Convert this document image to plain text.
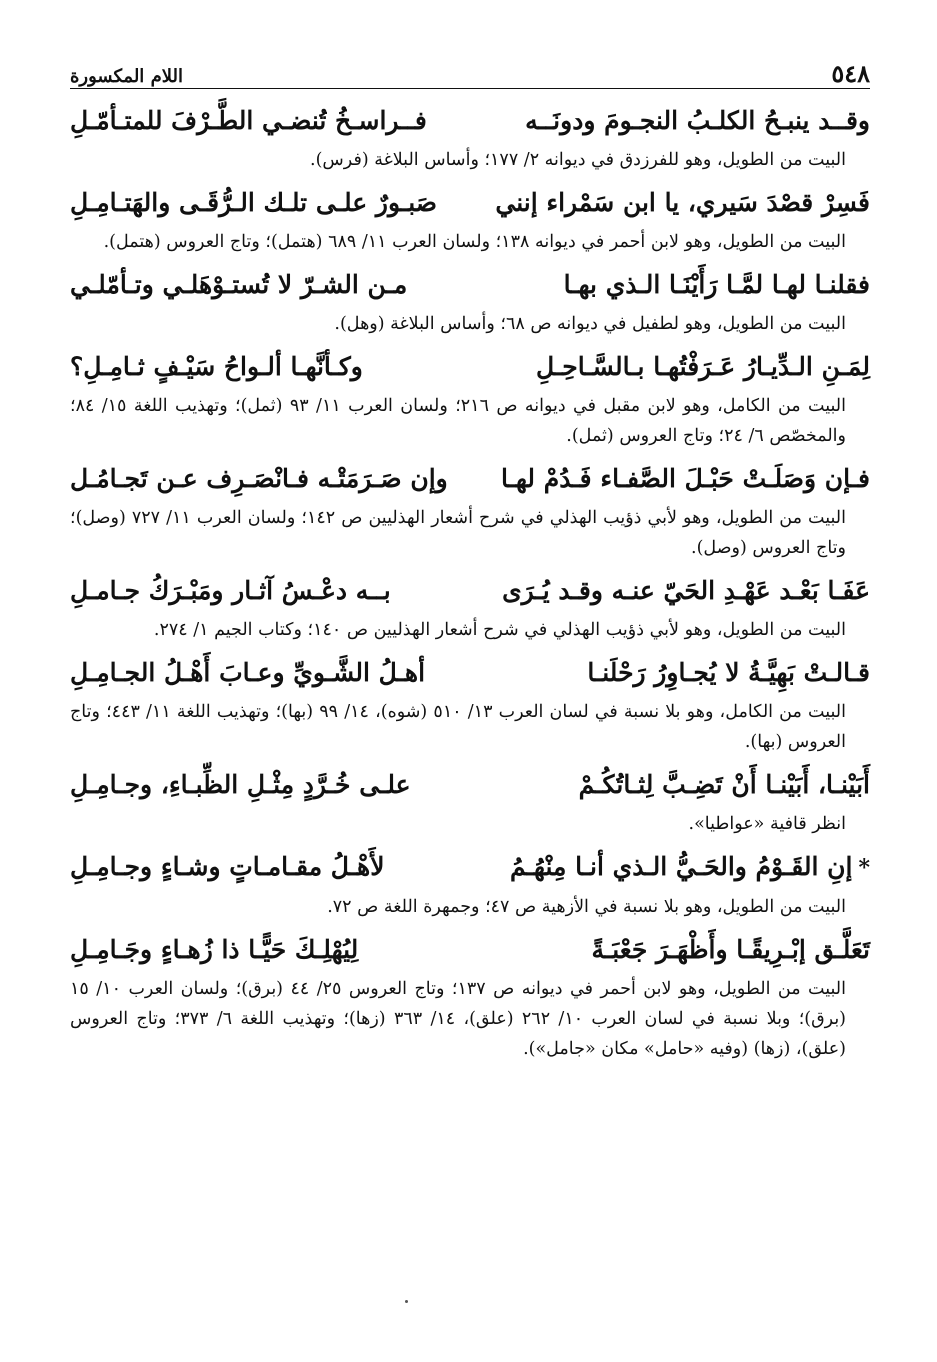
٥٤٨
اللام المكسورة
وقــد ينبـحُ الكلـبُ النجـومَ ودونَــه
فــراسـخُ تُنضـي الطَّـرْفَ للمتـأمّـلِ
البيت من الطويل، وهو للفرزدق في ديوانه ٢/ ١٧٧؛ وأساس البلاغة (فرس).
فَسِرْ قصْدَ سَيري، يا ابن سَمْراء إنني
صَبـورٌ علـى تلـك الـرُّقَـى والهَتـامِـلِ
البيت من الطويل، وهو لابن أحمر في ديوانه ١٣٨؛ ولسان العرب ١١/ ٦٨٩ (هتمل)؛ وتاج العروس (هتمل).
فقلنـا لهـا لمَّـا رَأَيْنَـا الـذي بهـا
مـن الشـرّ لا تُستـوْهَلـي وتـأمّلـي
البيت من الطويل، وهو لطفيل في ديوانه ص ٦٨؛ وأساس البلاغة (وهل).
لِمَـنِ الـدِّيـارُ عَـرَفْتُهـا بـالسَّـاحِـلِ
وكـأنَّهـا ألـواحُ سَيْـفٍ ثـامِـلِ؟
البيت من الكامل، وهو لابن مقبل في ديوانه ص ٢١٦؛ ولسان العرب ١١/ ٩٣ (ثمل)؛ وتهذيب اللغة ١٥/ ٨٤؛ والمخصّص ٦/ ٢٤؛ وتاج العروس (ثمل).
فـإن وَصَلَـتْ حَبْـلَ الصَّفـاء فَـدُمْ لهـا
وإن صَـرَمَتْـه فـانْصَـرِف عـن تَجـامُـل
البيت من الطويل، وهو لأبي ذؤيب الهذلي في شرح أشعار الهذليين ص ١٤٢؛ ولسان العرب ١١/ ٧٢٧ (وصل)؛ وتاج العروس (وصل).
عَفَـا بَعْـد عَهْـدِ الحَيّ عنـه وقـد يُـرَى
بــه دعْـسُ آثـار ومَبْـرَكُ جـامـلِ
البيت من الطويل، وهو لأبي ذؤيب الهذلي في شرح أشعار الهذليين ص ١٤٠؛ وكتاب الجيم ١/ ٢٧٤.
قـالـتْ بَهِيَّـةُ لا يُجـاوِرُ رَحْلَنـا
أهـلُ الشَّـويِّ وعـابَ أَهْـلُ الجـامِـلِ
البيت من الكامل، وهو بلا نسبة في لسان العرب ١٣/ ٥١٠ (شوه)، ١٤/ ٩٩ (بها)؛ وتهذيب اللغة ١١/ ٤٤٣؛ وتاج العروس (بها).
أَبَيْنـا، أَبَيْنـا أَنْ تَضِـبَّ لِثـاتُكُـمْ
علـى خُـرَّدٍ مِثْـلِ الظِّبـاءِ، وجـامِـلِ
انظر قافية «عواطيا».
*إنِ القَـوْمُ والحَـيُّ الـذي أنـا مِنْهُـمُ
لأَهْـلُ مقـامـاتٍ وشـاءٍ وجـامِـلِ
البيت من الطويل، وهو بلا نسبة في الأزهية ص ٤٧؛ وجمهرة اللغة ص ٧٢.
تَعَلَّـق إبْـرِيقًـا وأَظْهَـرَ جَعْبَـةً
لِيُهْلِـكَ حَيًّـا ذا زُهـاءٍ وجَـامِـلِ
البيت من الطويل، وهو لابن أحمر في ديوانه ص ١٣٧؛ وتاج العروس ٢٥/ ٤٤ (برق)؛ ولسان العرب ١٠/ ١٥ (برق)؛ وبلا نسبة في لسان العرب ١٠/ ٢٦٢ (علق)، ١٤/ ٣٦٣ (زها)؛ وتهذيب اللغة ٦/ ٣٧٣؛ وتاج العروس (علق)، (زها) (وفيه «حامل» مكان «جامل»).
